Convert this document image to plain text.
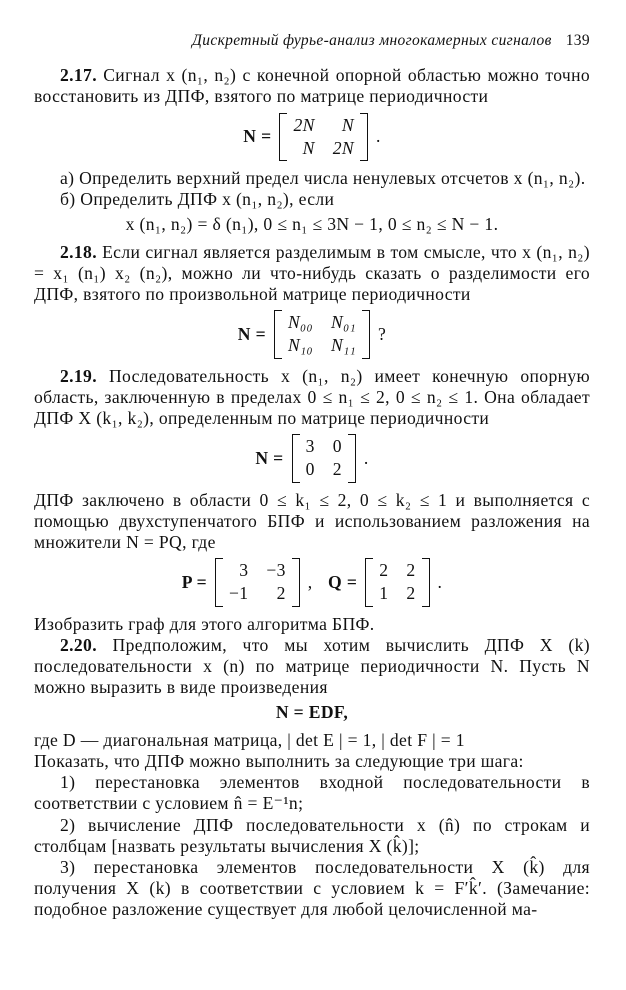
Дискретный фурье-анализ многокамерных сигналов 139

2.17. Сигнал x (n₁, n₂) с конечной опорной областью можно точно восстановить из ДПФ, взятого по матрице периодичности

N =
2N	N
N 2N
.

а) Определить верхний предел числа ненулевых отсчетов x (n₁, n₂).

б) Определить ДПФ x (n₁, n₂), если

x (n₁, n₂) = δ (n₁), 0 ≤ n₁ ≤ 3N − 1, 0 ≤ n₂ ≤ N − 1.

2.18. Если сигнал является разделимым в том смысле, что x (n₁, n₂) = x₁ (n₁) x₂ (n₂), можно ли что-нибудь сказать о разделимости его ДПФ, взятого по произвольной матрице периодичности

N =
N₀₀ N₀₁
N₁₀ N₁₁
?

2.19. Последовательность x (n₁, n₂) имеет конечную опорную область, заключенную в пределах 0 ≤ n₁ ≤ 2, 0 ≤ n₂ ≤ 1. Она обладает ДПФ X (k₁, k₂), определенным по матрице периодичности

N =
3 0
0 2
.

ДПФ заключено в области 0 ≤ k₁ ≤ 2, 0 ≤ k₂ ≤ 1 и выполняется с помощью двухступенчатого БПФ и использованием разложения на множители N = PQ, где

P =
3 −3
−1	2
, Q =
2 2
1 2
.

Изобразить граф для этого алгоритма БПФ.

2.20. Предположим, что мы хотим вычислить ДПФ X (k) последовательности x (n) по матрице периодичности N. Пусть N можно выразить в виде произведения

N = EDF,

где D — диагональная матрица, | det E | = 1, | det F | = 1

Показать, что ДПФ можно выполнить за следующие три шага:

1) перестановка элементов входной последовательности в соответствии с условием n̂ = E⁻¹n;

2) вычисление ДПФ последовательности x (n̂) по строкам и столбцам [назвать результаты вычисления X (k̂)];

3) перестановка элементов последовательности X (k̂) для получения X (k) в соответствии с условием k = F′k̂′. (Замечание: подобное разложение существует для любой целочисленной ма-
